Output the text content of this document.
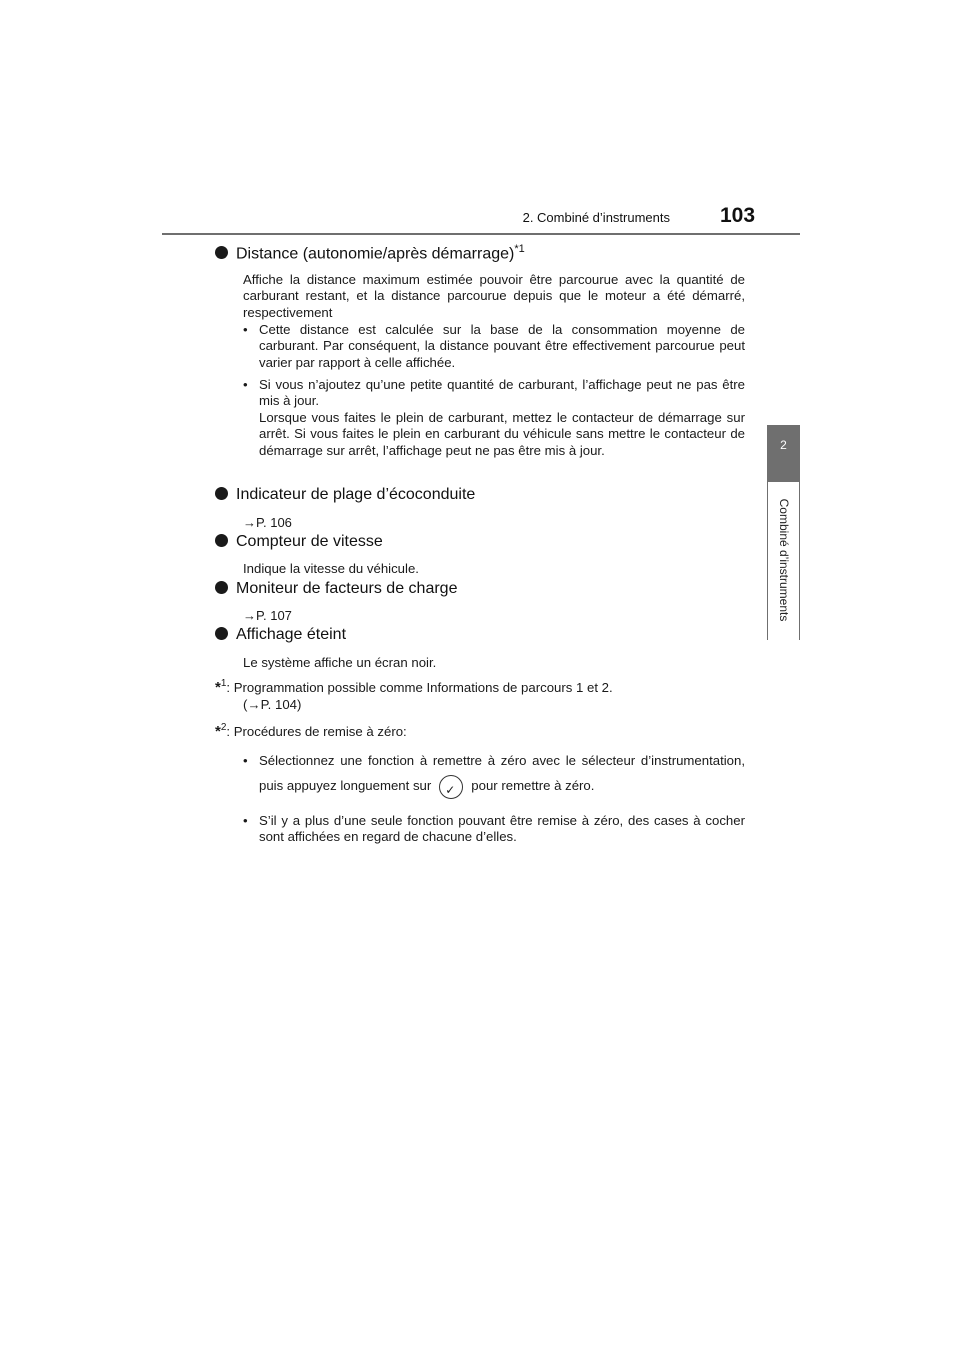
2. Combiné d’instruments 103
2
Combiné d’instruments
Distance (autonomie/après démarrage)$^{*1}$
Affiche la distance maximum estimée pouvoir être parcourue avec la quantité de carburant restant, et la distance parcourue depuis que le moteur a été démarré, respectivement
• Cette distance est calculée sur la base de la consommation moyenne de carburant. Par conséquent, la distance pouvant être effectivement parcourue peut varier par rapport à celle affichée.
• Si vous n’ajoutez qu’une petite quantité de carburant, l’affichage peut ne pas être mis à jour.

Lorsque vous faites le plein de carburant, mettez le contacteur de démarrage sur arrêt. Si vous faites le plein en carburant du véhicule sans mettre le contacteur de démarrage sur arrêt, l’affichage peut ne pas être mis à jour.

Indicateur de plage d’écoconduite
→P. 106
Compteur de vitesse
Indique la vitesse du véhicule.
Moniteur de facteurs de charge
→P. 107
Affichage éteint
Le système affiche un écran noir.
*$^1$: Programmation possible comme Informations de parcours 1 et 2.
(→P. 104)
*$^2$: Procédures de remise à zéro:
• Sélectionnez une fonction à remettre à zéro avec le sélecteur d’instrumentation, puis appuyez longuement sur✓	pour remettre à zéro.
• S’il y a plus d’une seule fonction pouvant être remise à zéro, des cases à cocher sont affichées en regard de chacune d’elles.
